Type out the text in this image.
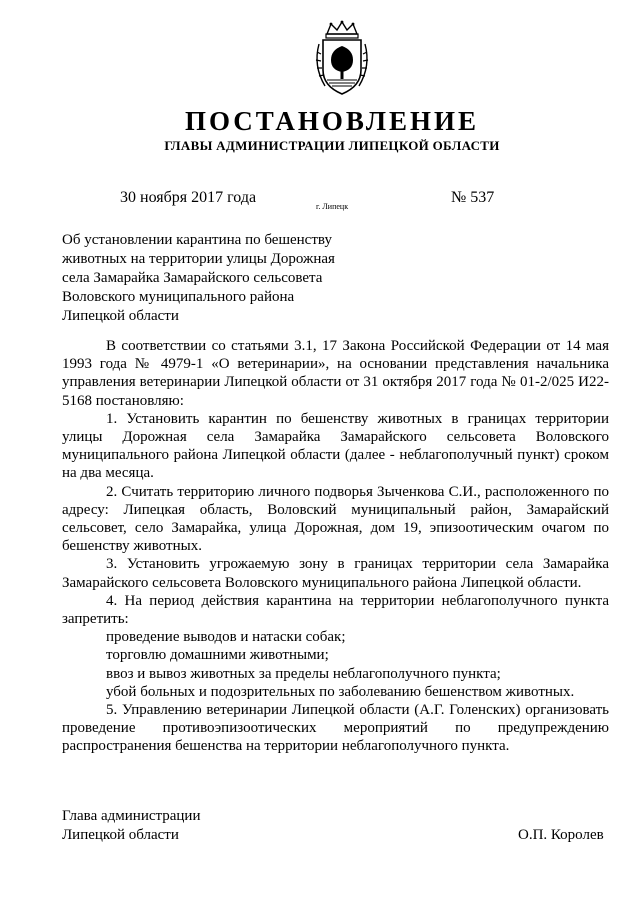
ПОСТАНОВЛЕНИЕ
ГЛАВЫ АДМИНИСТРАЦИИ ЛИПЕЦКОЙ ОБЛАСТИ
30 ноября 2017 года
г. Липецк
№ 537
Об установлении карантина по бешенству
животных на территории улицы Дорожная
села Замарайка Замарайского сельсовета
Воловского муниципального района
Липецкой области

В соответствии со статьями 3.1, 17 Закона Российской Федерации от 14 мая 1993 года № 4979-1 «О ветеринарии», на основании представления начальника управления ветеринарии Липецкой области от 31 октября 2017 года № 01-2/025 И22-5168 постановляю:

1. Установить карантин по бешенству животных в границах территории улицы Дорожная села Замарайка Замарайского сельсовета Воловского муниципального района Липецкой области (далее - неблагополучный пункт) сроком на два месяца.

2. Считать территорию личного подворья Зыченкова С.И., расположенного по адресу: Липецкая область, Воловский муниципальный район, Замарайский сельсовет, село Замарайка, улица Дорожная, дом 19, эпизоотическим очагом по бешенству животных.

3. Установить угрожаемую зону в границах территории села Замарайка Замарайского сельсовета Воловского муниципального района Липецкой области.

4. На период действия карантина на территории неблагополучного пункта запретить:

проведение выводов и натаски собак;

торговлю домашними животными;

ввоз и вывоз животных за пределы неблагополучного пункта;

убой больных и подозрительных по заболеванию бешенством животных.

5. Управлению ветеринарии Липецкой области (А.Г. Голенских) организовать проведение противоэпизоотических мероприятий по предупреждению распространения бешенства на территории неблагополучного пункта.

Глава администрации
Липецкой области	О.П. Королев
